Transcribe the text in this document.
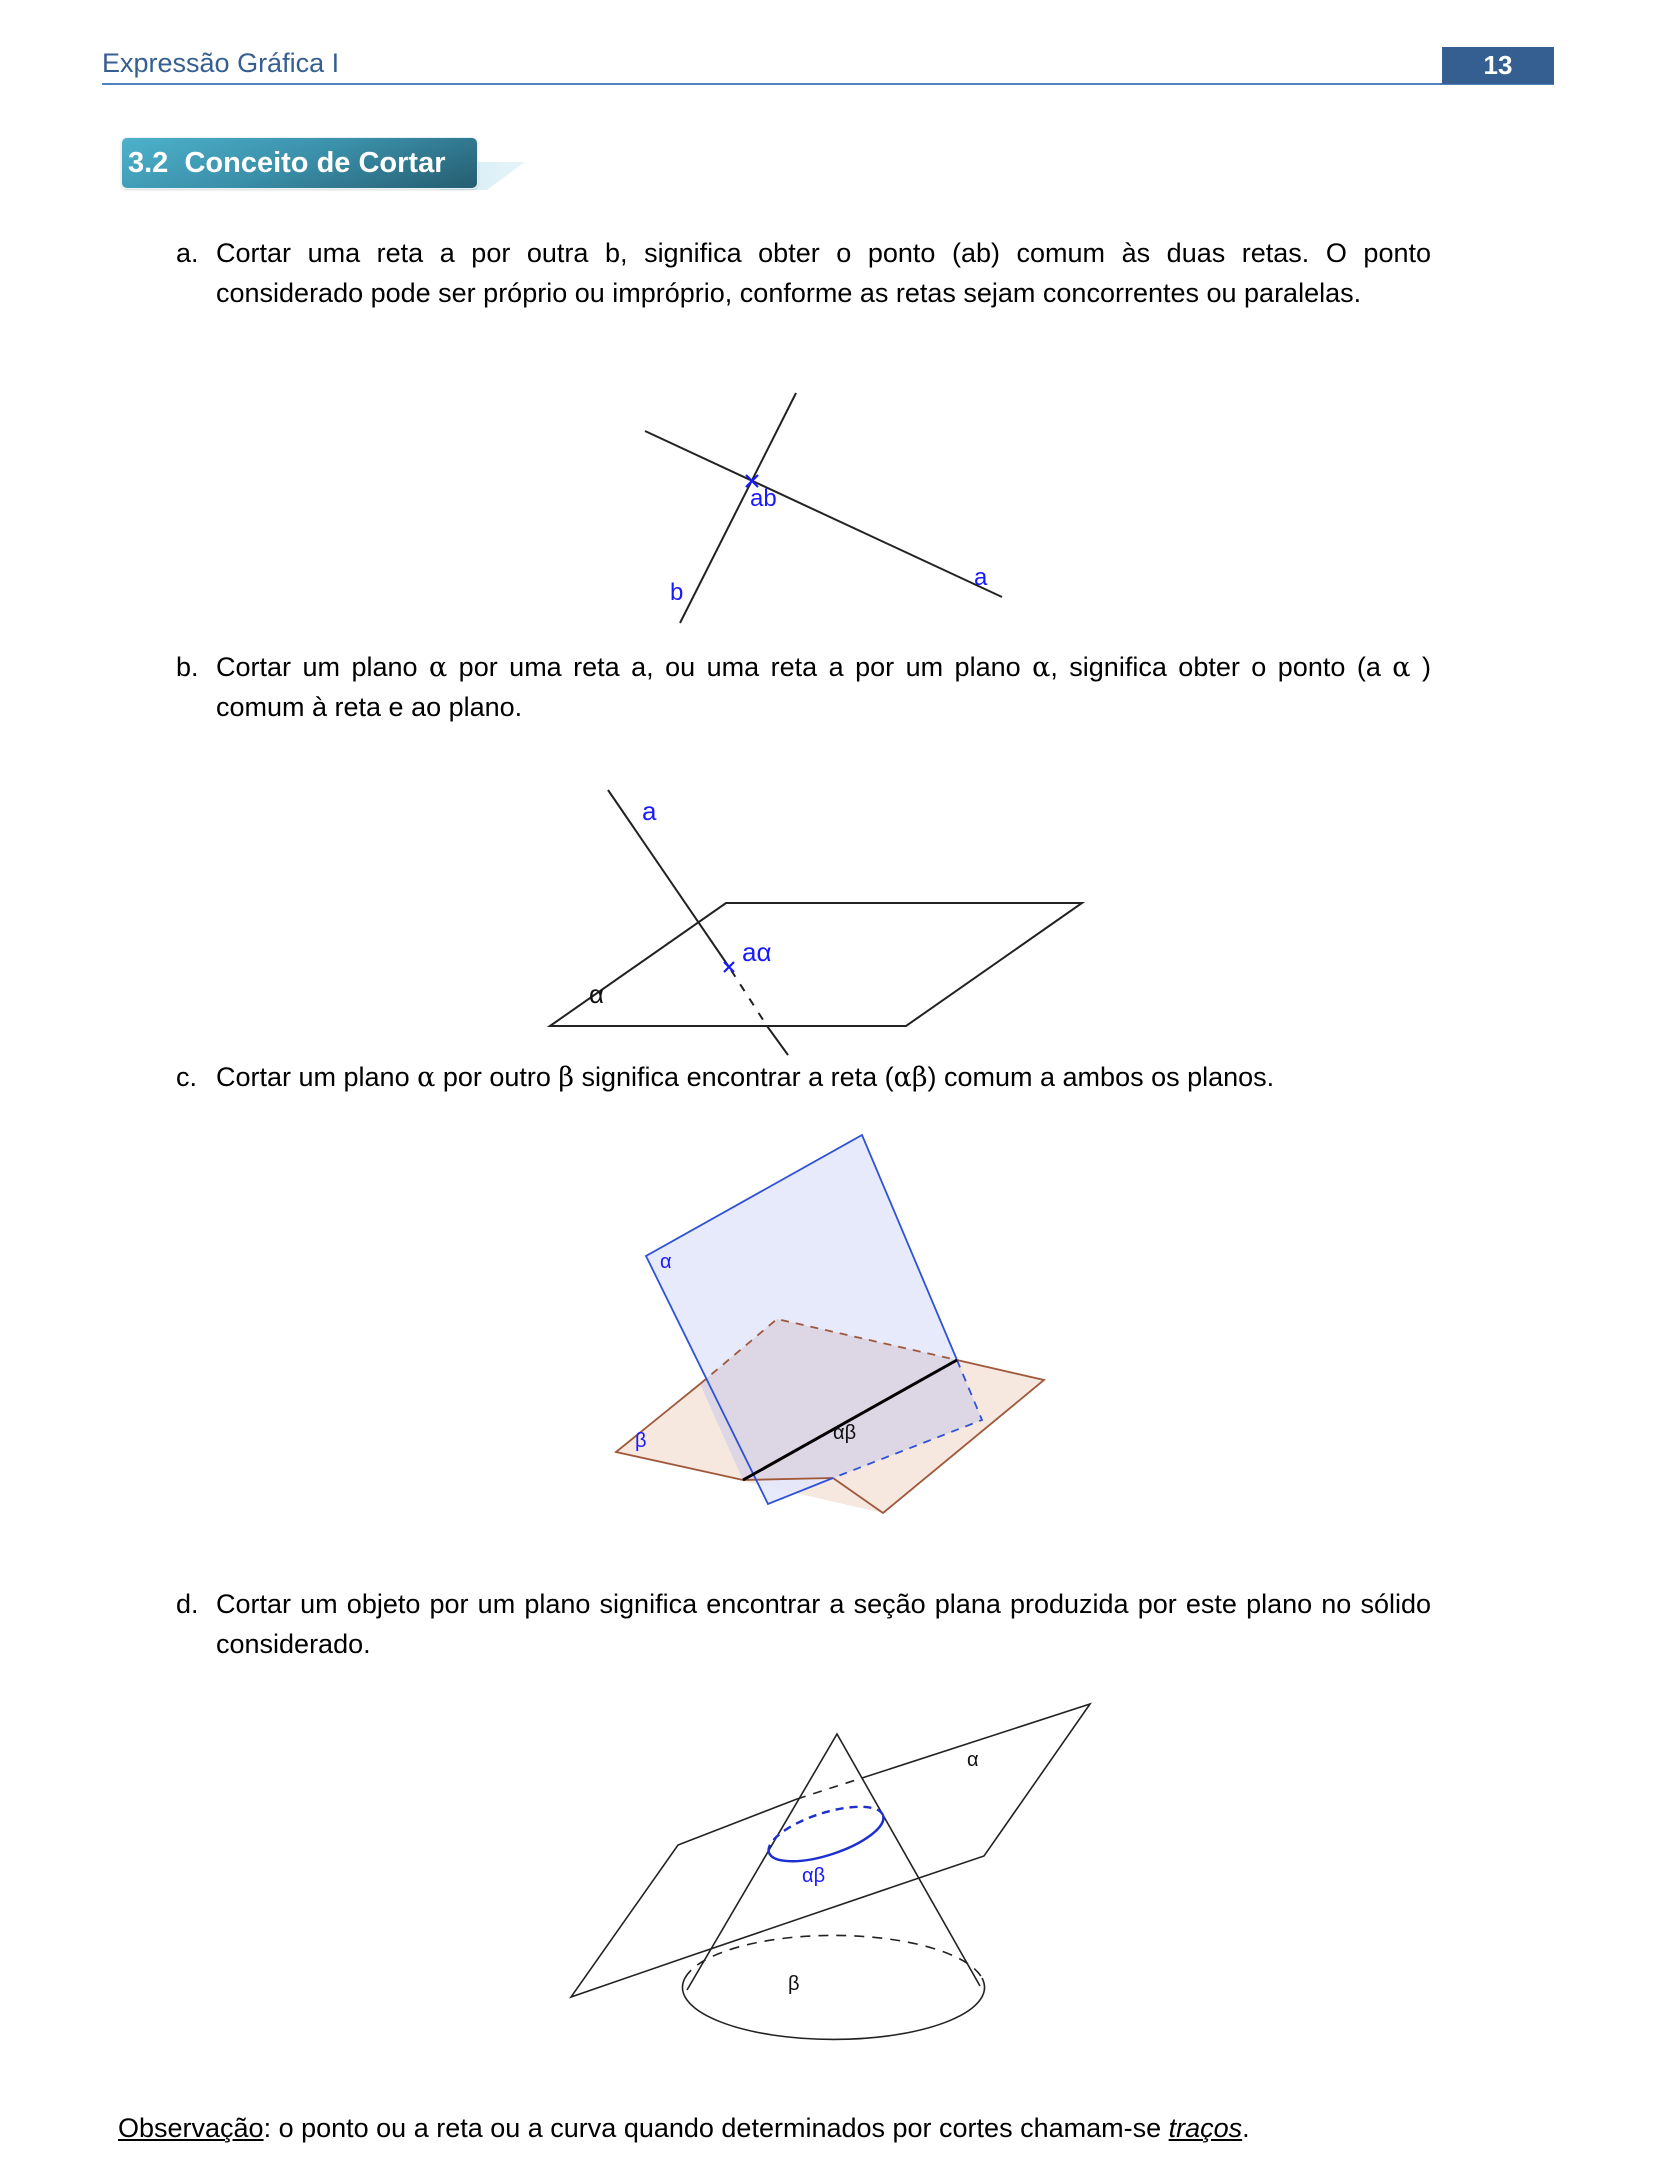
Expressão Gráfica I	13
3.2 Conceito de Cortar
a. Cortar uma reta a por outra b, significa obter o ponto (ab) comum às duas retas. O ponto considerado pode ser próprio ou impróprio, conforme as retas sejam concorrentes ou paralelas.
ab
a
b
b. Cortar um plano α por uma reta a, ou uma reta a por um plano α, significa obter o ponto (a α ) comum à reta e ao plano.
a
aα
α
c. Cortar um plano α por outro β significa encontrar a reta (αβ) comum a ambos os planos.
α
β	αβ
d. Cortar um objeto por um plano significa encontrar a seção plana produzida por este plano no sólido considerado.
α
αβ
β
Observação: o ponto ou a reta ou a curva quando determinados por cortes chamam-se traços.
